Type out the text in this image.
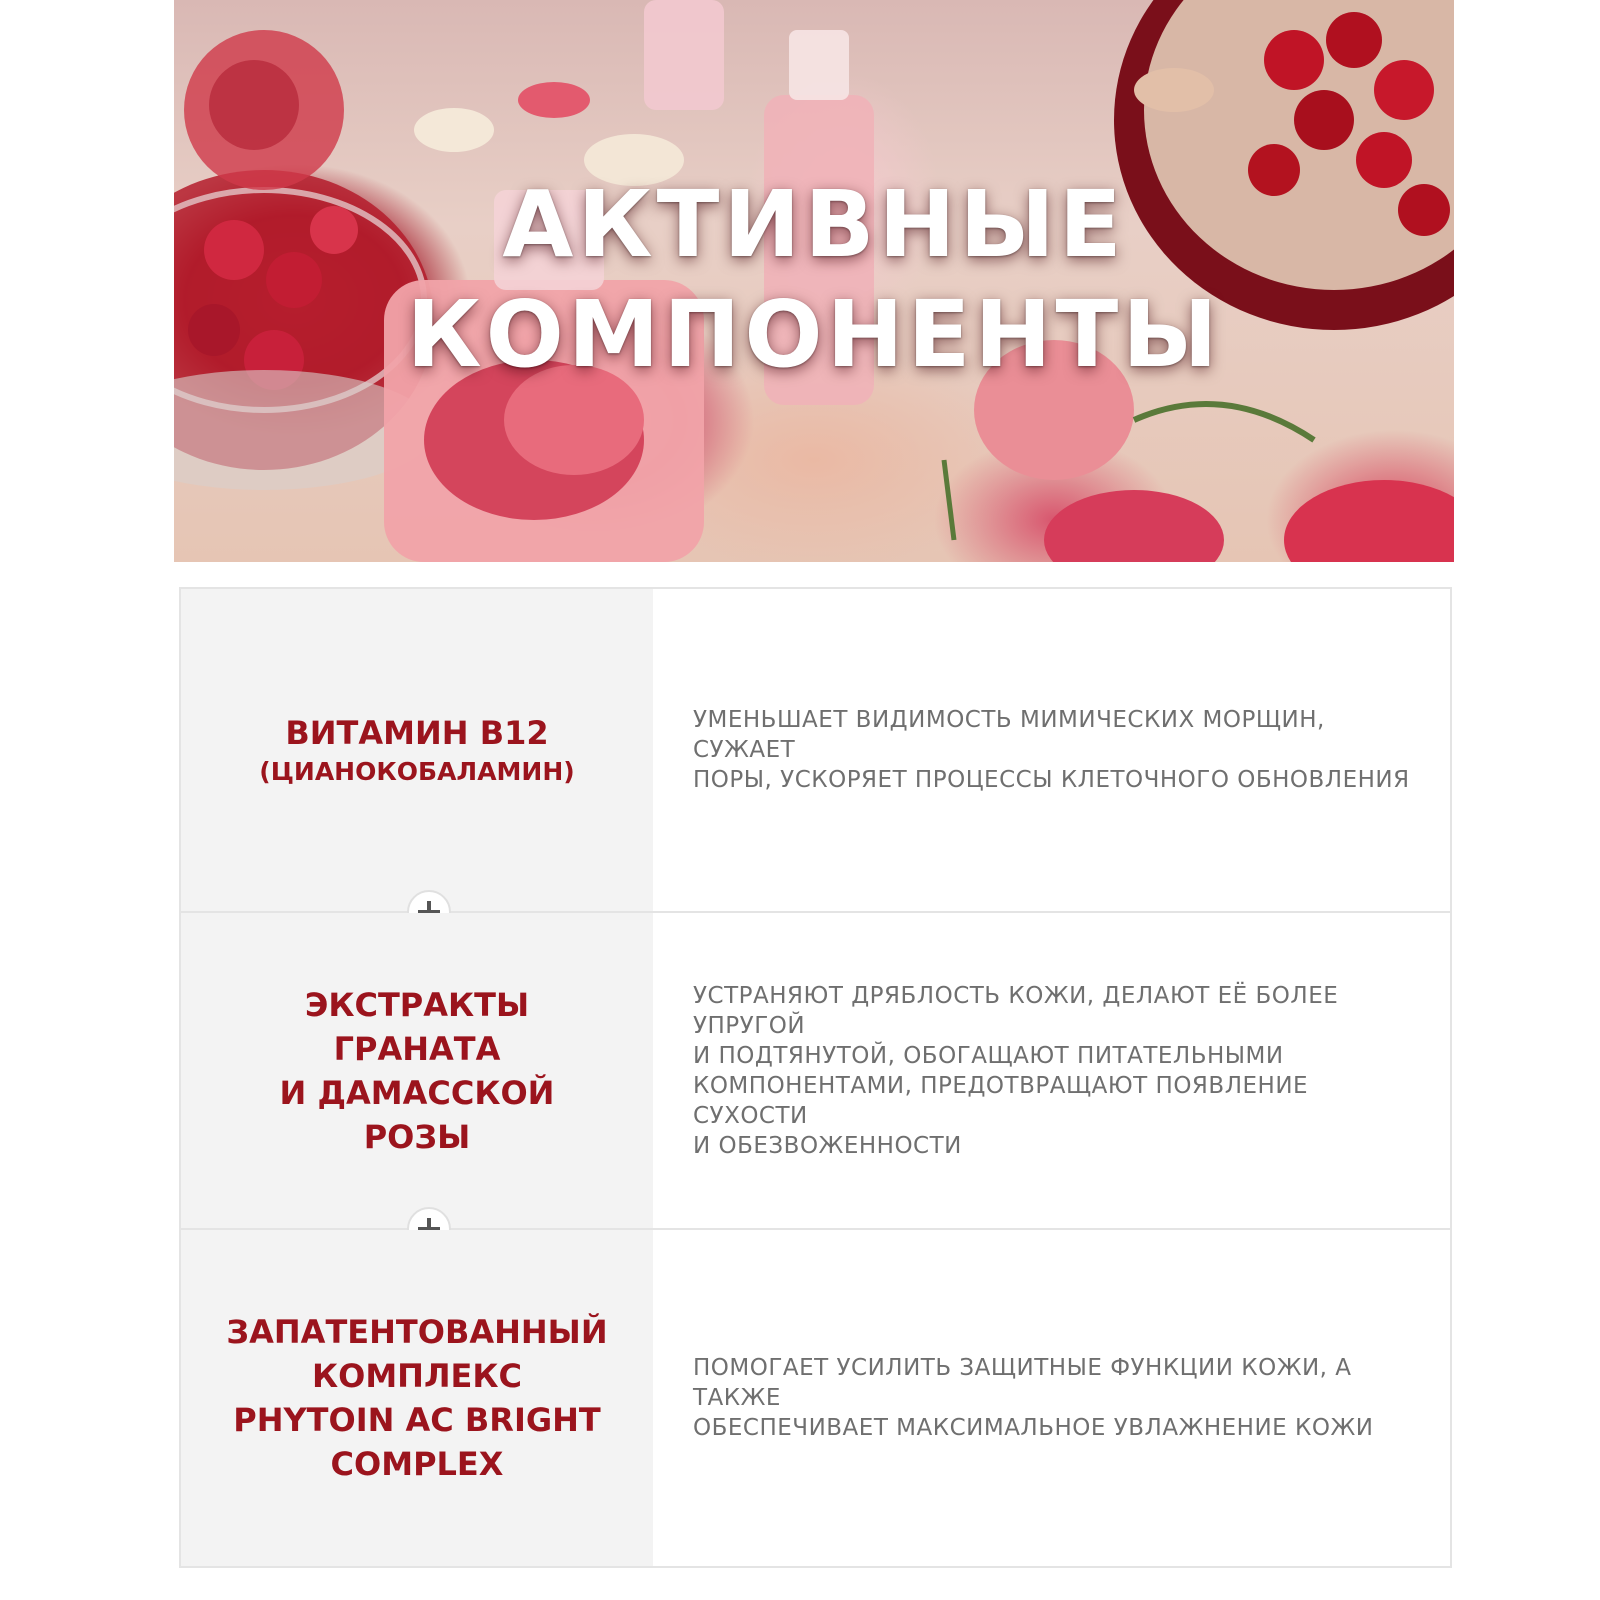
АКТИВНЫЕ
КОМПОНЕНТЫ
ВИТАМИН B12
(ЦИАНОКОБАЛАМИН)

УМЕНЬШАЕТ ВИДИМОСТЬ МИМИЧЕСКИХ МОРЩИН, СУЖАЕТ
ПОРЫ, УСКОРЯЕТ ПРОЦЕССЫ КЛЕТОЧНОГО ОБНОВЛЕНИЯ

ЭКСТРАКТЫ
ГРАНАТА
И ДАМАССКОЙ
РОЗЫ

УСТРАНЯЮТ ДРЯБЛОСТЬ КОЖИ, ДЕЛАЮТ ЕЁ БОЛЕЕ УПРУГОЙ
И ПОДТЯНУТОЙ, ОБОГАЩАЮТ ПИТАТЕЛЬНЫМИ
КОМПОНЕНТАМИ, ПРЕДОТВРАЩАЮТ ПОЯВЛЕНИЕ СУХОСТИ
И ОБЕЗВОЖЕННОСТИ

ЗАПАТЕНТОВАННЫЙ
КОМПЛЕКС
PHYTOIN AC BRIGHT
COMPLEX

ПОМОГАЕТ УСИЛИТЬ ЗАЩИТНЫЕ ФУНКЦИИ КОЖИ, А ТАКЖЕ
ОБЕСПЕЧИВАЕТ МАКСИМАЛЬНОЕ УВЛАЖНЕНИЕ КОЖИ
